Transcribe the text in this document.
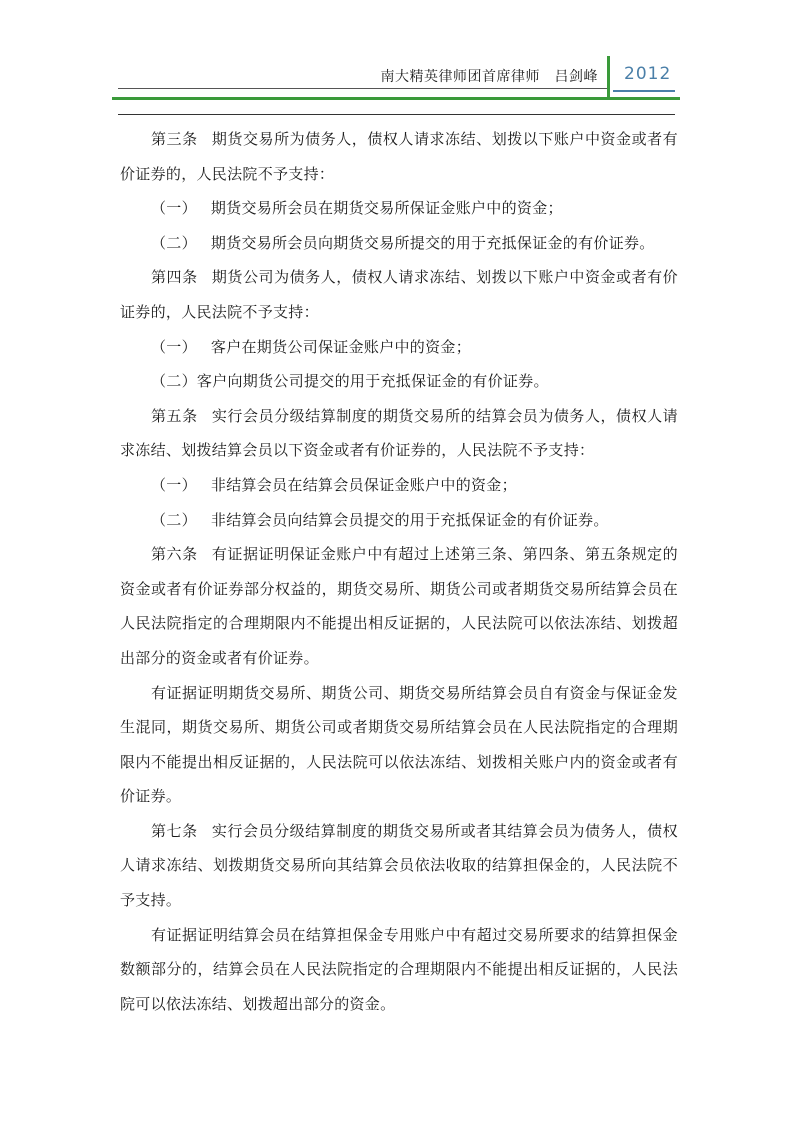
南大精英律师团首席律师　吕剑峰 2012

第三条 期货交易所为债务人，债权人请求冻结、划拨以下账户中资金或者有价证券的，人民法院不予支持：

（一） 期货交易所会员在期货交易所保证金账户中的资金；

（二） 期货交易所会员向期货交易所提交的用于充抵保证金的有价证券。

第四条 期货公司为债务人，债权人请求冻结、划拨以下账户中资金或者有价证券的，人民法院不予支持：

（一） 客户在期货公司保证金账户中的资金；

（二）客户向期货公司提交的用于充抵保证金的有价证券。

第五条 实行会员分级结算制度的期货交易所的结算会员为债务人，债权人请求冻结、划拨结算会员以下资金或者有价证券的，人民法院不予支持：

（一） 非结算会员在结算会员保证金账户中的资金；

（二） 非结算会员向结算会员提交的用于充抵保证金的有价证券。

第六条 有证据证明保证金账户中有超过上述第三条、第四条、第五条规定的资金或者有价证券部分权益的，期货交易所、期货公司或者期货交易所结算会员在人民法院指定的合理期限内不能提出相反证据的，人民法院可以依法冻结、划拨超出部分的资金或者有价证券。

有证据证明期货交易所、期货公司、期货交易所结算会员自有资金与保证金发生混同，期货交易所、期货公司或者期货交易所结算会员在人民法院指定的合理期限内不能提出相反证据的，人民法院可以依法冻结、划拨相关账户内的资金或者有价证券。

第七条 实行会员分级结算制度的期货交易所或者其结算会员为债务人，债权人请求冻结、划拨期货交易所向其结算会员依法收取的结算担保金的，人民法院不予支持。

有证据证明结算会员在结算担保金专用账户中有超过交易所要求的结算担保金数额部分的，结算会员在人民法院指定的合理期限内不能提出相反证据的，人民法院可以依法冻结、划拨超出部分的资金。
